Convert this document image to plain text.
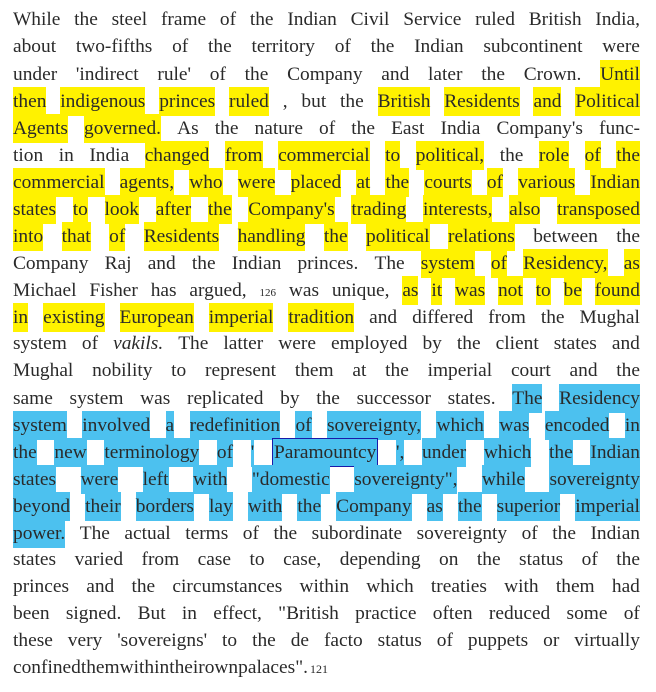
While the steel frame of the Indian Civil Service ruled British India,
about two-fifths of the territory of the Indian subcontinent were
under 'indirect rule' of the Company and later the Crown. Until
then indigenous princes ruled , but the British Residents and Political
Agents governed. As the nature of the East India Company's func-
tion in India changed from commercial to political, the role of the
commercial agents, who were placed at the courts of various Indian
states to look after the Company's trading interests, also transposed
into that of Residents handling the political relations between the
Company Raj and the Indian princes. The system of Residency, as
Michael Fisher has argued, 126 was unique, as it was not to be found
in existing European imperial tradition and differed from the Mughal
system of vakils. The latter were employed by the client states and
Mughal nobility to represent them at the imperial court and the
same system was replicated by the successor states. The Residency
system involved a redefinition of sovereignty, which was encoded in
the new terminology of ' Paramountcy ', under which the Indian
states were left with "domestic sovereignty", while sovereignty
beyond their borders lay with the Company as the superior imperial
power. The actual terms of the subordinate sovereignty of the Indian
states varied from case to case, depending on the status of the
princes and the circumstances within which treaties with them had
been signed. But in effect, "British practice often reduced some of
these very 'sovereigns' to the de facto status of puppets or virtually
confined them within their own palaces". 121
